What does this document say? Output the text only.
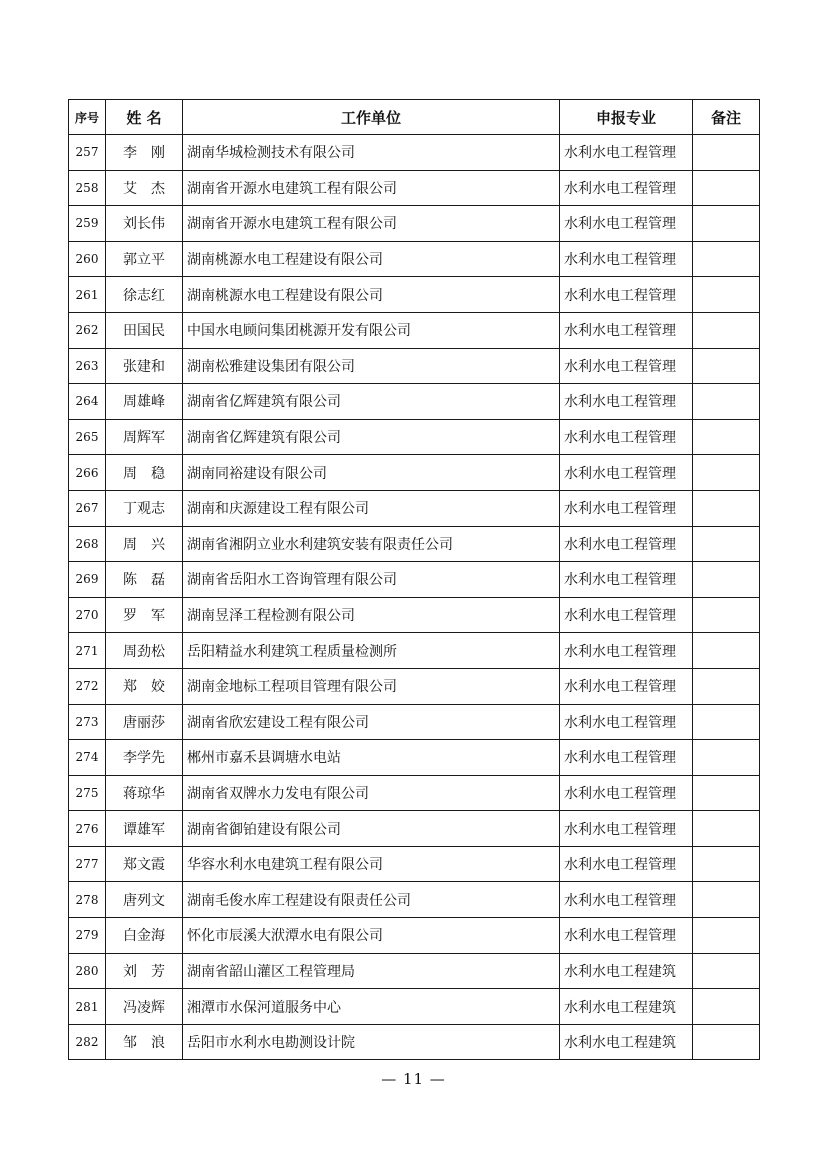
序号	姓 名	工作单位	申报专业	备注
257	李　刚	湖南华城检测技术有限公司	水利水电工程管理	
258	艾　杰	湖南省开源水电建筑工程有限公司	水利水电工程管理	
259	刘长伟	湖南省开源水电建筑工程有限公司	水利水电工程管理	
260	郭立平	湖南桃源水电工程建设有限公司	水利水电工程管理	
261	徐志红	湖南桃源水电工程建设有限公司	水利水电工程管理	
262	田国民	中国水电顾问集团桃源开发有限公司	水利水电工程管理	
263	张建和	湖南松雅建设集团有限公司	水利水电工程管理	
264	周雄峰	湖南省亿辉建筑有限公司	水利水电工程管理	
265	周辉军	湖南省亿辉建筑有限公司	水利水电工程管理	
266	周　稳	湖南同裕建设有限公司	水利水电工程管理	
267	丁观志	湖南和庆源建设工程有限公司	水利水电工程管理	
268	周　兴	湖南省湘阴立业水利建筑安装有限责任公司	水利水电工程管理	
269	陈　磊	湖南省岳阳水工咨询管理有限公司	水利水电工程管理	
270	罗　军	湖南昱泽工程检测有限公司	水利水电工程管理	
271	周劲松	岳阳精益水利建筑工程质量检测所	水利水电工程管理	
272	郑　姣	湖南金地标工程项目管理有限公司	水利水电工程管理	
273	唐丽莎	湖南省欣宏建设工程有限公司	水利水电工程管理	
274	李学先	郴州市嘉禾县调塘水电站	水利水电工程管理	
275	蒋琼华	湖南省双牌水力发电有限公司	水利水电工程管理	
276	谭雄军	湖南省御铂建设有限公司	水利水电工程管理	
277	郑文霞	华容水利水电建筑工程有限公司	水利水电工程管理	
278	唐列文	湖南毛俊水库工程建设有限责任公司	水利水电工程管理	
279	白金海	怀化市辰溪大洑潭水电有限公司	水利水电工程管理	
280	刘　芳	湖南省韶山灌区工程管理局	水利水电工程建筑	
281	冯凌辉	湘潭市水保河道服务中心	水利水电工程建筑	
282	邹　浪	岳阳市水利水电勘测设计院	水利水电工程建筑	
— 11 —
